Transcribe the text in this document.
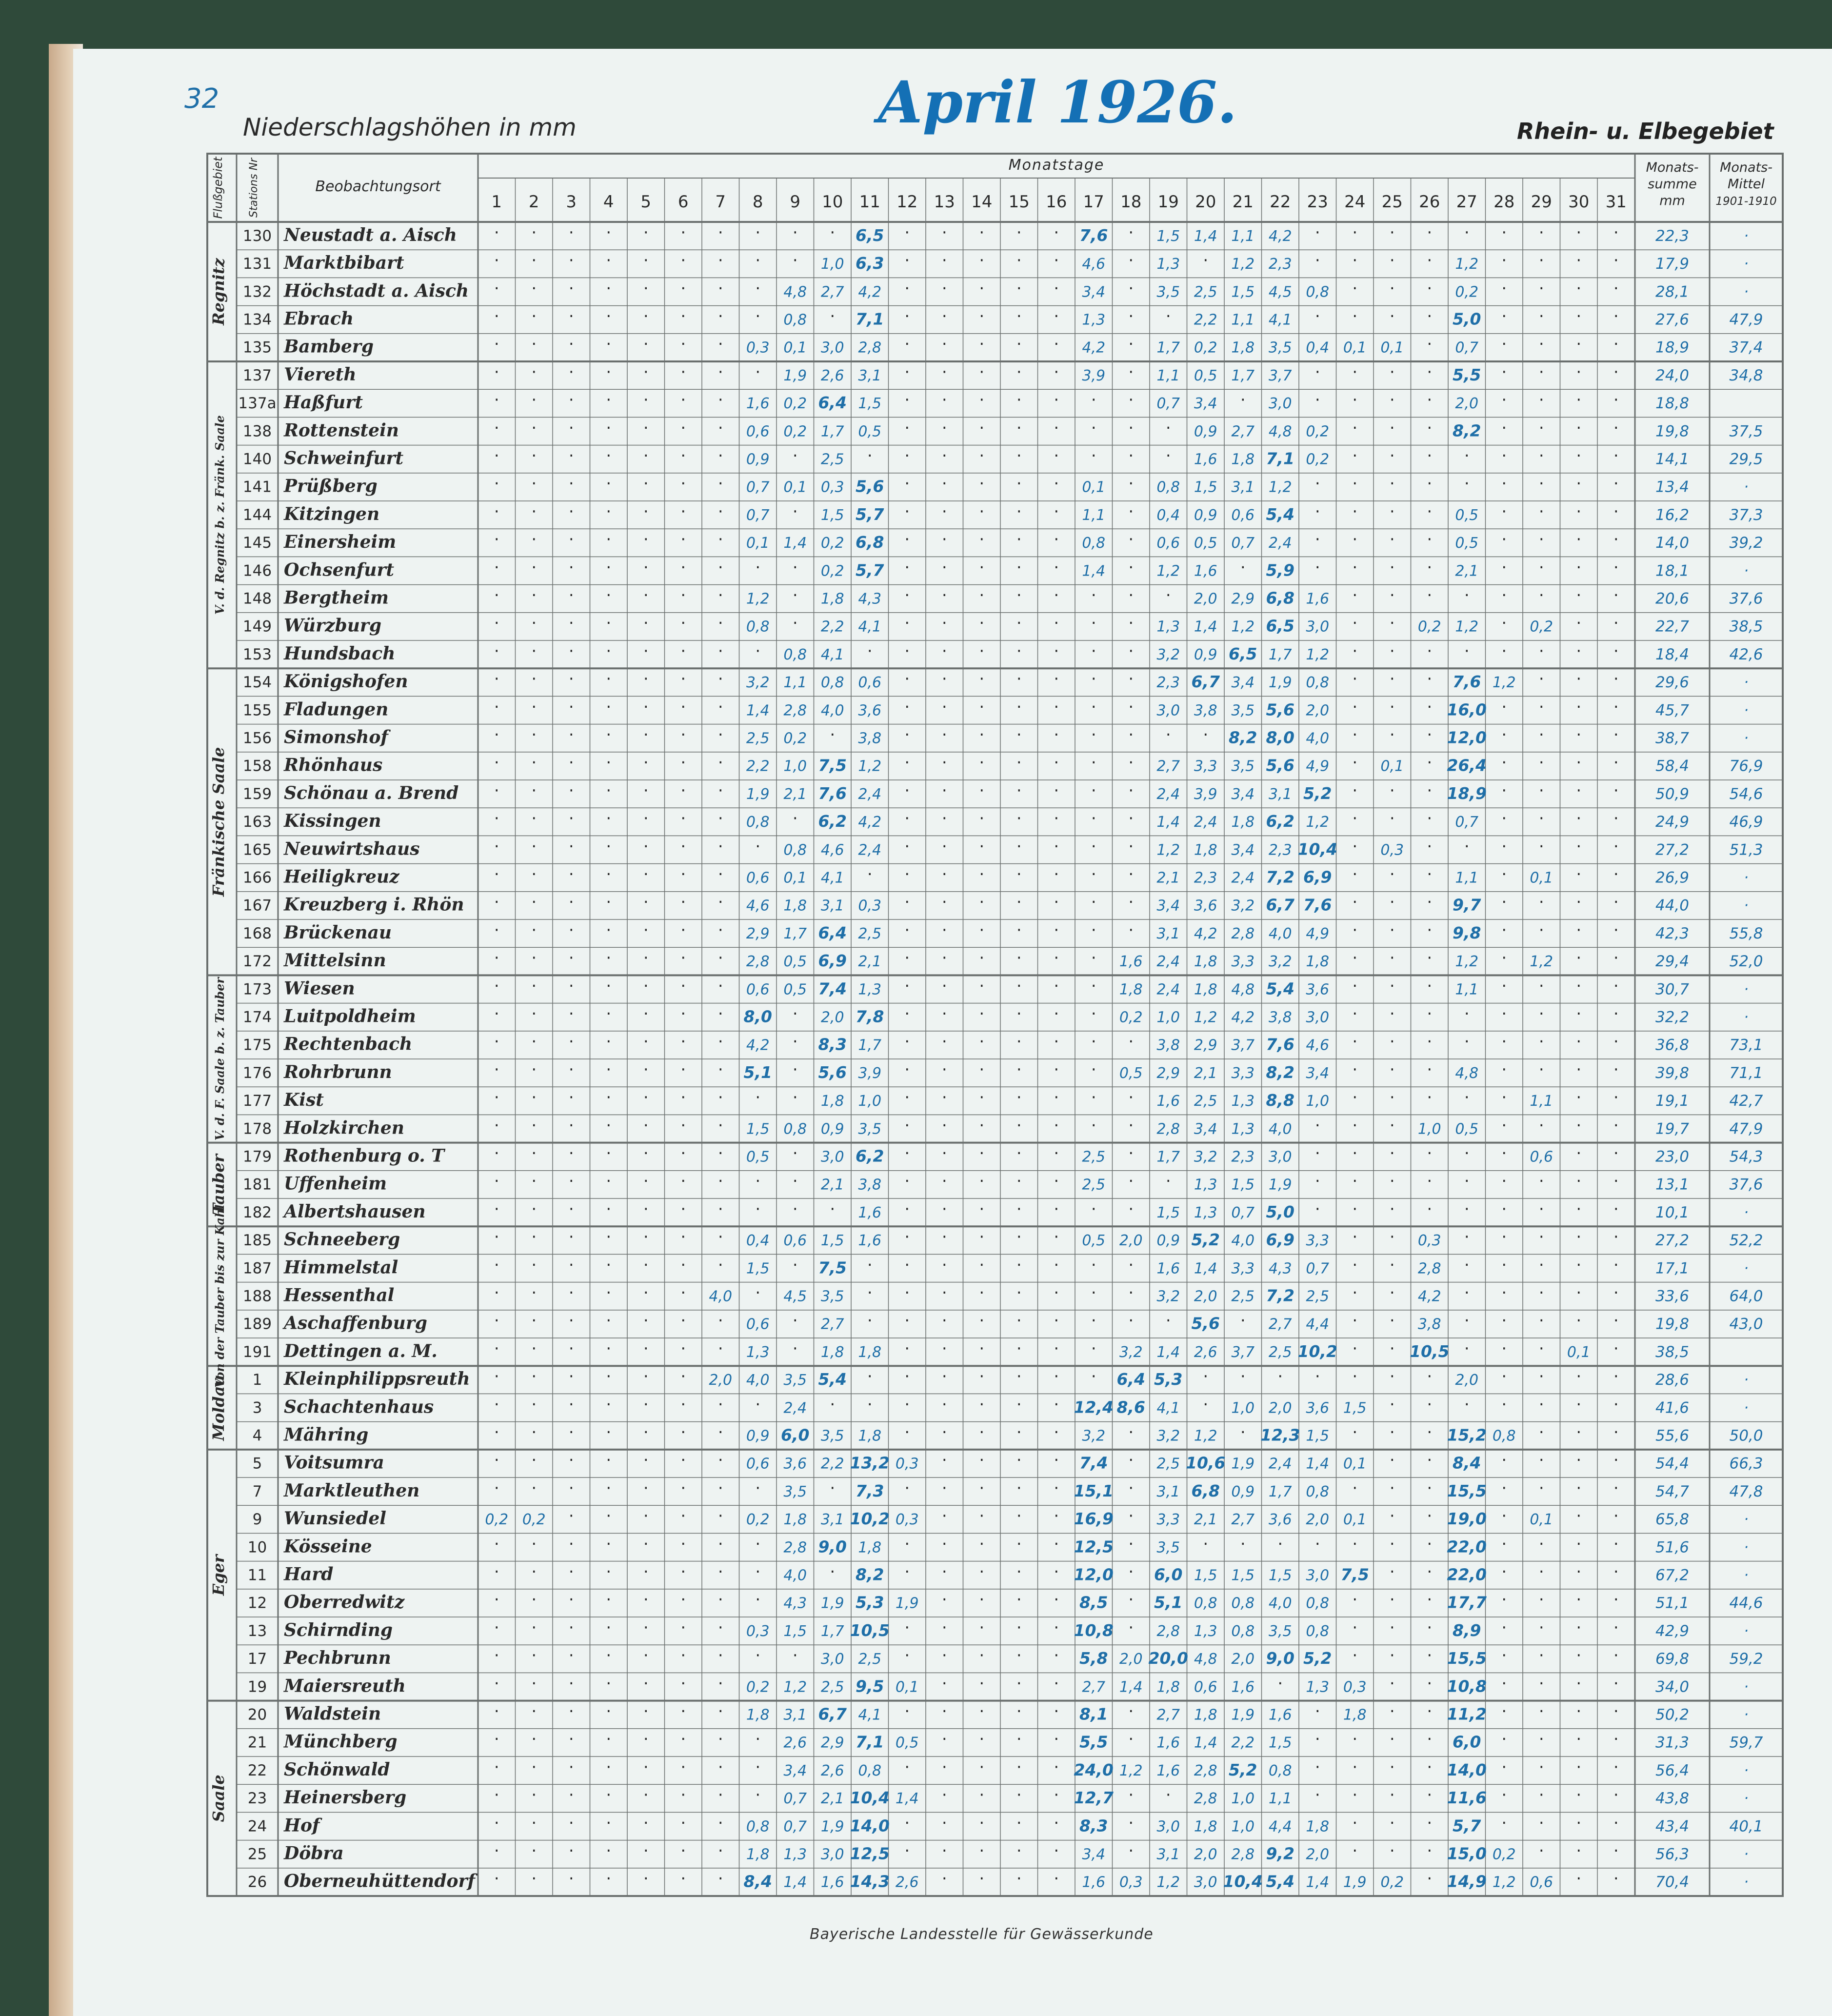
32
Niederschlagshöhen in mm	April 1926.	Rhein- u. Elbegebiet
Flußgebiet Stations Nr	Beobachtungsort
Monatstage
1 2 3 4 5 6 7 8 9 10 11 12 13 14 15 16 17 18 19 20 21 22 23 24 25 26 27 28 29 30 31
Monats-
summe
mm
Monats-
Mittel
1901-1910
130 Neustadt a. Aisch · · · · · · · · · · 6,5 · · · · · 7,6 · 1,5 1,4 1,1 4,2 · · · · · · · · · 22,3	·
131 Marktbibart	· · · · · · · · · 1,0 6,3 · · · · · 4,6 · 1,3 · 1,2 2,3 · · · · 1,2 · · · · 17,9	·
132 Höchstadt a. Aisch · · · · · · · · 4,8 2,7 4,2 · · · · · 3,4 · 3,5 2,5 1,5 4,5 0,8 · · · 0,2 · · · · 28,1	·
134 Ebrach	· · · · · · · · 0,8 · 7,1 · · · · · 1,3 · · 2,2 1,1 4,1 · · · · 5,0 · · · · 27,6	47,9
135 Bamberg	· · · · · · · 0,3 0,1 3,0 2,8 · · · · · 4,2 · 1,7 0,2 1,8 3,5 0,4 0,1 0,1 · 0,7 · · · · 18,9	37,4
137 Viereth	· · · · · · · · 1,9 2,6 3,1 · · · · · 3,9 · 1,1 0,5 1,7 3,7 · · · · 5,5 · · · · 24,0	34,8
137a Haßfurt	· · · · · · · 1,6 0,2 6,4 1,5 · · · · · · · 0,7 3,4 · 3,0 · · · · 2,0 · · · · 18,8
138 Rottenstein	· · · · · · · 0,6 0,2 1,7 0,5 · · · · · · · · 0,9 2,7 4,8 0,2 · · · 8,2 · · · · 19,8	37,5
140 Schweinfurt	· · · · · · · 0,9 · 2,5 · · · · · · · · · 1,6 1,8 7,1 0,2 · · · · · · · · 14,1	29,5
141 Prüßberg	· · · · · · · 0,7 0,1 0,3 5,6 · · · · · 0,1 · 0,8 1,5 3,1 1,2 · · · · · · · · · 13,4	·
144 Kitzingen	· · · · · · · 0,7 · 1,5 5,7 · · · · · 1,1 · 0,4 0,9 0,6 5,4 · · · · 0,5 · · · · 16,2	37,3
145 Einersheim	· · · · · · · 0,1 1,4 0,2 6,8 · · · · · 0,8 · 0,6 0,5 0,7 2,4 · · · · 0,5 · · · · 14,0	39,2
146 Ochsenfurt	· · · · · · · · · 0,2 5,7 · · · · · 1,4 · 1,2 1,6 · 5,9 · · · · 2,1 · · · · 18,1	·
148 Bergtheim	· · · · · · · 1,2 · 1,8 4,3 · · · · · · · · 2,0 2,9 6,8 1,6 · · · · · · · · 20,6	37,6
149 Würzburg	· · · · · · · 0,8 · 2,2 4,1 · · · · · · · 1,3 1,4 1,2 6,5 3,0 · · 0,2 1,2 · 0,2 · · 22,7	38,5
153 Hundsbach	· · · · · · · · 0,8 4,1 · · · · · · · · 3,2 0,9 6,5 1,7 1,2 · · · · · · · · 18,4	42,6
154 Königshofen	· · · · · · · 3,2 1,1 0,8 0,6 · · · · · · · 2,3 6,7 3,4 1,9 0,8 · · · 7,6 1,2 · · · 29,6	·
155 Fladungen	· · · · · · · 1,4 2,8 4,0 3,6 · · · · · · · 3,0 3,8 3,5 5,6 2,0 · · · 16,0 · · · · 45,7	·
156 Simonshof	· · · · · · · 2,5 0,2 · 3,8 · · · · · · · · · 8,2 8,0 4,0 · · · 12,0 · · · · 38,7	·
158 Rhönhaus	· · · · · · · 2,2 1,0 7,5 1,2 · · · · · · · 2,7 3,3 3,5 5,6 4,9 · 0,1 · 26,4 · · · · 58,4	76,9
159 Schönau a. Brend · · · · · · · 1,9 2,1 7,6 2,4 · · · · · · · 2,4 3,9 3,4 3,1 5,2 · · · 18,9 · · · · 50,9	54,6
163 Kissingen	· · · · · · · 0,8 · 6,2 4,2 · · · · · · · 1,4 2,4 1,8 6,2 1,2 · · · 0,7 · · · · 24,9	46,9
165 Neuwirtshaus	· · · · · · · · 0,8 4,6 2,4 · · · · · · · 1,2 1,8 3,4 2,3 10,4 · 0,3 · · · · · · 27,2	51,3
166 Heiligkreuz	· · · · · · · 0,6 0,1 4,1 · · · · · · · · 2,1 2,3 2,4 7,2 6,9 · · · 1,1 · 0,1 · · 26,9	·
167 Kreuzberg i. Rhön · · · · · · · 4,6 1,8 3,1 0,3 · · · · · · · 3,4 3,6 3,2 6,7 7,6 · · · 9,7 · · · · 44,0	·
168 Brückenau	· · · · · · · 2,9 1,7 6,4 2,5 · · · · · · · 3,1 4,2 2,8 4,0 4,9 · · · 9,8 · · · · 42,3	55,8
172 Mittelsinn	· · · · · · · 2,8 0,5 6,9 2,1 · · · · · · 1,6 2,4 1,8 3,3 3,2 1,8 · · · 1,2 · 1,2 · · 29,4	52,0
173 Wiesen	· · · · · · · 0,6 0,5 7,4 1,3 · · · · · · 1,8 2,4 1,8 4,8 5,4 3,6 · · · 1,1 · · · · 30,7	·
174 Luitpoldheim	· · · · · · · 8,0 · 2,0 7,8 · · · · · · 0,2 1,0 1,2 4,2 3,8 3,0 · · · · · · · · 32,2	·
175 Rechtenbach	· · · · · · · 4,2 · 8,3 1,7 · · · · · · · 3,8 2,9 3,7 7,6 4,6 · · · · · · · · 36,8	73,1
176 Rohrbrunn	· · · · · · · 5,1 · 5,6 3,9 · · · · · · 0,5 2,9 2,1 3,3 8,2 3,4 · · · 4,8 · · · · 39,8	71,1
177 Kist	· · · · · · · · · 1,8 1,0 · · · · · · · 1,6 2,5 1,3 8,8 1,0 · · · · · 1,1 · · 19,1	42,7
178 Holzkirchen	· · · · · · · 1,5 0,8 0,9 3,5 · · · · · · · 2,8 3,4 1,3 4,0 · · · 1,0 0,5 · · · · 19,7	47,9
179 Rothenburg o. T	· · · · · · · 0,5 · 3,0 6,2 · · · · · 2,5 · 1,7 3,2 2,3 3,0 · · · · · · 0,6 · · 23,0	54,3
181 Uffenheim	· · · · · · · · · 2,1 3,8 · · · · · 2,5 · · 1,3 1,5 1,9 · · · · · · · · · 13,1	37,6
182 Albertshausen	· · · · · · · · · · 1,6 · · · · · · · 1,5 1,3 0,7 5,0 · · · · · · · · · 10,1	·
185 Schneeberg	· · · · · · · 0,4 0,6 1,5 1,6 · · · · · 0,5 2,0 0,9 5,2 4,0 6,9 3,3 · · 0,3 · · · · · 27,2	52,2
187 Himmelstal	· · · · · · · 1,5 · 7,5 · · · · · · · · 1,6 1,4 3,3 4,3 0,7 · · 2,8 · · · · · 17,1	·
188 Hessenthal	· · · · · · 4,0 · 4,5 3,5 · · · · · · · · 3,2 2,0 2,5 7,2 2,5 · · 4,2 · · · · · 33,6	64,0
189 Aschaffenburg	· · · · · · · 0,6 · 2,7 · · · · · · · · · 5,6 · 2,7 4,4 · · 3,8 · · · · · 19,8	43,0
191 Dettingen a. M.	· · · · · · · 1,3 · 1,8 1,8 · · · · · · 3,2 1,4 2,6 3,7 2,5 10,2 · · 10,5 · · · 0,1 · 38,5
1 Kleinphilippsreuth · · · · · · 2,0 4,0 3,5 5,4 · · · · · · · 6,4 5,3 · · · · · · · 2,0 · · · · 28,6	·
3 Schachtenhaus	· · · · · · · · 2,4 · · · · · · · 12,4 8,6 4,1 · 1,0 2,0 3,6 1,5 · · · · · · · 41,6	·
4 Mähring	· · · · · · · 0,9 6,0 3,5 1,8 · · · · · 3,2 · 3,2 1,2 · 12,3 1,5 · · · 15,2 0,8 · · · 55,6	50,0
5 Voitsumra	· · · · · · · 0,6 3,6 2,2 13,2 0,3 · · · · 7,4 · 2,5 10,6 1,9 2,4 1,4 0,1 · · 8,4 · · · · 54,4	66,3
7 Marktleuthen	· · · · · · · · 3,5 · 7,3 · · · · · 15,1 · 3,1 6,8 0,9 1,7 0,8 · · · 15,5 · · · · 54,7	47,8
9 Wunsiedel	0,2 0,2 · · · · · 0,2 1,8 3,1 10,2 0,3 · · · · 16,9 · 3,3 2,1 2,7 3,6 2,0 0,1 · · 19,0 · 0,1 · · 65,8	·
10 Kösseine	· · · · · · · · 2,8 9,0 1,8 · · · · · 12,5 · 3,5 · · · · · · · 22,0 · · · · 51,6	·
11 Hard	· · · · · · · · 4,0 · 8,2 · · · · · 12,0 · 6,0 1,5 1,5 1,5 3,0 7,5 · · 22,0 · · · · 67,2	·
12 Oberredwitz	· · · · · · · · 4,3 1,9 5,3 1,9 · · · · 8,5 · 5,1 0,8 0,8 4,0 0,8 · · · 17,7 · · · · 51,1	44,6
13 Schirnding	· · · · · · · 0,3 1,5 1,7 10,5 · · · · · 10,8 · 2,8 1,3 0,8 3,5 0,8 · · · 8,9 · · · · 42,9	·
17 Pechbrunn	· · · · · · · · · 3,0 2,5 · · · · · 5,8 2,0 20,0 4,8 2,0 9,0 5,2 · · · 15,5 · · · · 69,8	59,2
19 Maiersreuth	· · · · · · · 0,2 1,2 2,5 9,5 0,1 · · · · 2,7 1,4 1,8 0,6 1,6 · 1,3 0,3 · · 10,8 · · · · 34,0	·
20 Waldstein	· · · · · · · 1,8 3,1 6,7 4,1 · · · · · 8,1 · 2,7 1,8 1,9 1,6 · 1,8 · · 11,2 · · · · 50,2	·
21 Münchberg	· · · · · · · · 2,6 2,9 7,1 0,5 · · · · 5,5 · 1,6 1,4 2,2 1,5 · · · · 6,0 · · · · 31,3	59,7
22 Schönwald	· · · · · · · · 3,4 2,6 0,8 · · · · · 24,0 1,2 1,6 2,8 5,2 0,8 · · · · 14,0 · · · · 56,4	·
23 Heinersberg	· · · · · · · · 0,7 2,1 10,4 1,4 · · · · 12,7 · · 2,8 1,0 1,1 · · · · 11,6 · · · · 43,8	·
24 Hof	· · · · · · · 0,8 0,7 1,9 14,0 · · · · · 8,3 · 3,0 1,8 1,0 4,4 1,8 · · · 5,7 · · · · 43,4	40,1
25 Döbra	· · · · · · · 1,8 1,3 3,0 12,5 · · · · · 3,4 · 3,1 2,0 2,8 9,2 2,0 · · · 15,0 0,2 · · · 56,3	·
26 Oberneuhüttendorf · · · · · · · 8,4 1,4 1,6 14,3 2,6 · · · · 1,6 0,3 1,2 3,0 10,4 5,4 1,4 1,9 0,2 · 14,9 1,2 0,6 · · 70,4	·
Regnitz
V. d. Regnitz b. z. Fränk. Saale
Fränkische Saale
V. d. F. Saale b. z. Tauber
Tauber
Von der Tauber bis zur Kahl
Moldau
Eger
Saale
Bayerische Landesstelle für Gewässerkunde
